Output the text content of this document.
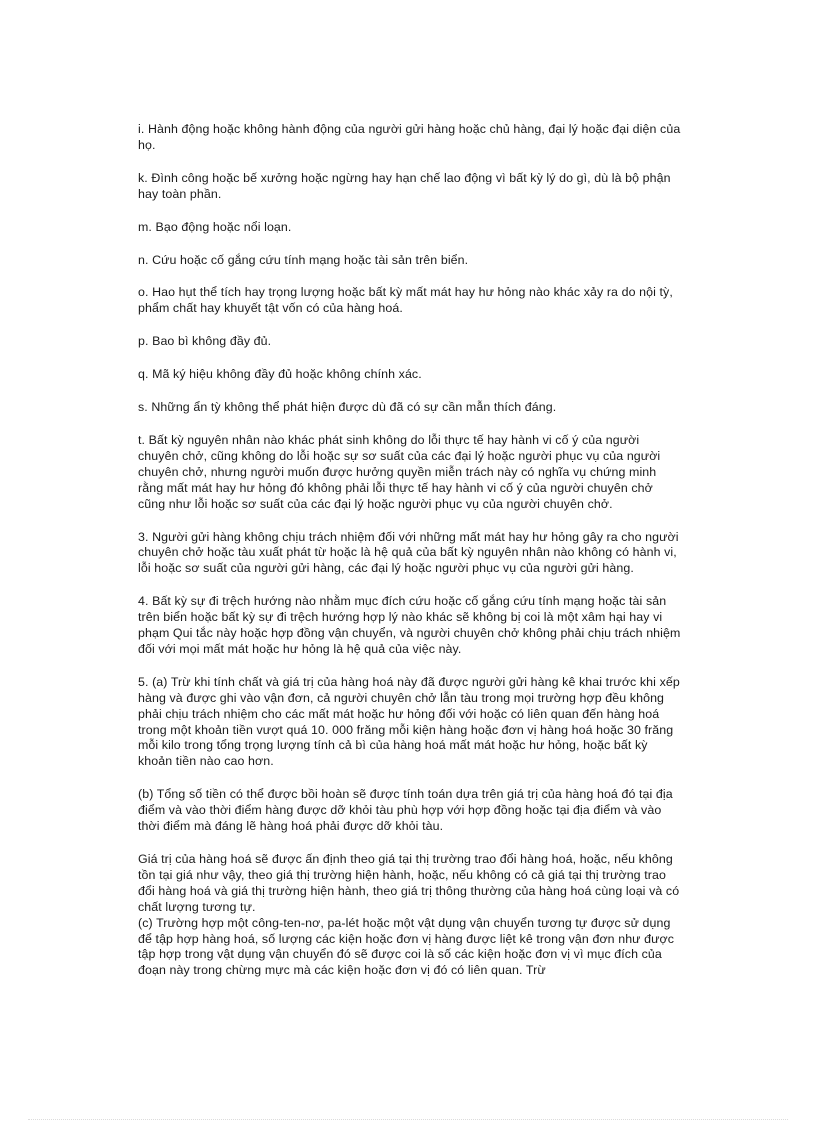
i. Hành động hoặc không hành động của người gửi hàng hoặc chủ hàng, đại lý hoặc đại diện của họ.

k. Đình công hoặc bế xưởng hoặc ngừng hay hạn chế lao động vì bất kỳ lý do gì, dù là bộ phận hay toàn phần.

m. Bạo động hoặc nổi loạn.

n. Cứu hoặc cố gắng cứu tính mạng hoặc tài sản trên biển.

o. Hao hụt thể tích hay trọng lượng hoặc bất kỳ mất mát hay hư hỏng nào khác xảy ra do nội tỳ, phẩm chất hay khuyết tật vốn có của hàng hoá.

p. Bao bì không đầy đủ.

q. Mã ký hiệu không đầy đủ hoặc không chính xác.

s. Những ẩn tỳ không thể phát hiện được dù đã có sự cần mẫn thích đáng.

t. Bất kỳ nguyên nhân nào khác phát sinh không do lỗi thực tế hay hành vi cố ý của người chuyên chở, cũng không do lỗi hoặc sự sơ suất của các đại lý hoặc người phục vụ của người chuyên chở, nhưng người muốn được hưởng quyền miễn trách này có nghĩa vụ chứng minh rằng mất mát hay hư hỏng đó không phải lỗi thực tế hay hành vi cố ý của người chuyên chở cũng như lỗi hoặc sơ suất của các đại lý hoặc người phục vụ của người chuyên chở.

3. Người gửi hàng không chịu trách nhiệm đối với những mất mát hay hư hỏng gây ra cho người chuyên chở hoặc tàu xuất phát từ hoặc là hệ quả của bất kỳ nguyên nhân nào không có hành vi, lỗi hoặc sơ suất của người gửi hàng, các đại lý hoặc người phục vụ của người gửi hàng.

4. Bất kỳ sự đi trệch hướng nào nhằm mục đích cứu hoặc cố gắng cứu tính mạng hoặc tài sản trên biển hoặc bất kỳ sự đi trệch hướng hợp lý nào khác sẽ không bị coi là một xâm hại hay vi phạm Qui tắc này hoặc hợp đồng vận chuyển, và người chuyên chở không phải chịu trách nhiệm đối với mọi mất mát hoặc hư hỏng là hệ quả của việc này.

5. (a) Trừ khi tính chất và giá trị của hàng hoá này đã được người gửi hàng kê khai trước khi xếp hàng và được ghi vào vận đơn, cả người chuyên chở lẫn tàu trong mọi trường hợp đều không phải chịu trách nhiệm cho các mất mát hoặc hư hỏng đối với hoặc có liên quan đến hàng hoá trong một khoản tiền vượt quá 10. 000 frăng mỗi kiện hàng hoặc đơn vị hàng hoá hoặc 30 frăng mỗi kilo trong tổng trọng lượng tính cả bì của hàng hoá mất mát hoặc hư hỏng, hoặc bất kỳ khoản tiền nào cao hơn.

(b) Tổng số tiền có thể được bồi hoàn sẽ được tính toán dựa trên giá trị của hàng hoá đó tại địa điểm và vào thời điểm hàng được dỡ khỏi tàu phù hợp với hợp đồng hoặc tại địa điểm và vào thời điểm mà đáng lẽ hàng hoá phải được dỡ khỏi tàu.

Giá trị của hàng hoá sẽ được ấn định theo giá tại thị trường trao đổi hàng hoá, hoặc, nếu không tồn tại giá như vậy, theo giá thị trường hiện hành, hoặc, nếu không có cả giá tại thị trường trao đổi hàng hoá và giá thị trường hiện hành, theo giá trị thông thường của hàng hoá cùng loại và có chất lượng tương tự.

(c) Trường hợp một công-ten-nơ, pa-lét hoặc một vật dụng vận chuyển tương tự được sử dụng để tập hợp hàng hoá, số lượng các kiện hoặc đơn vị hàng được liệt kê trong vận đơn như được tập hợp trong vật dụng vận chuyển đó sẽ được coi là số các kiện hoặc đơn vị vì mục đích của đoạn này trong chừng mực mà các kiện hoặc đơn vị đó có liên quan. Trừ
